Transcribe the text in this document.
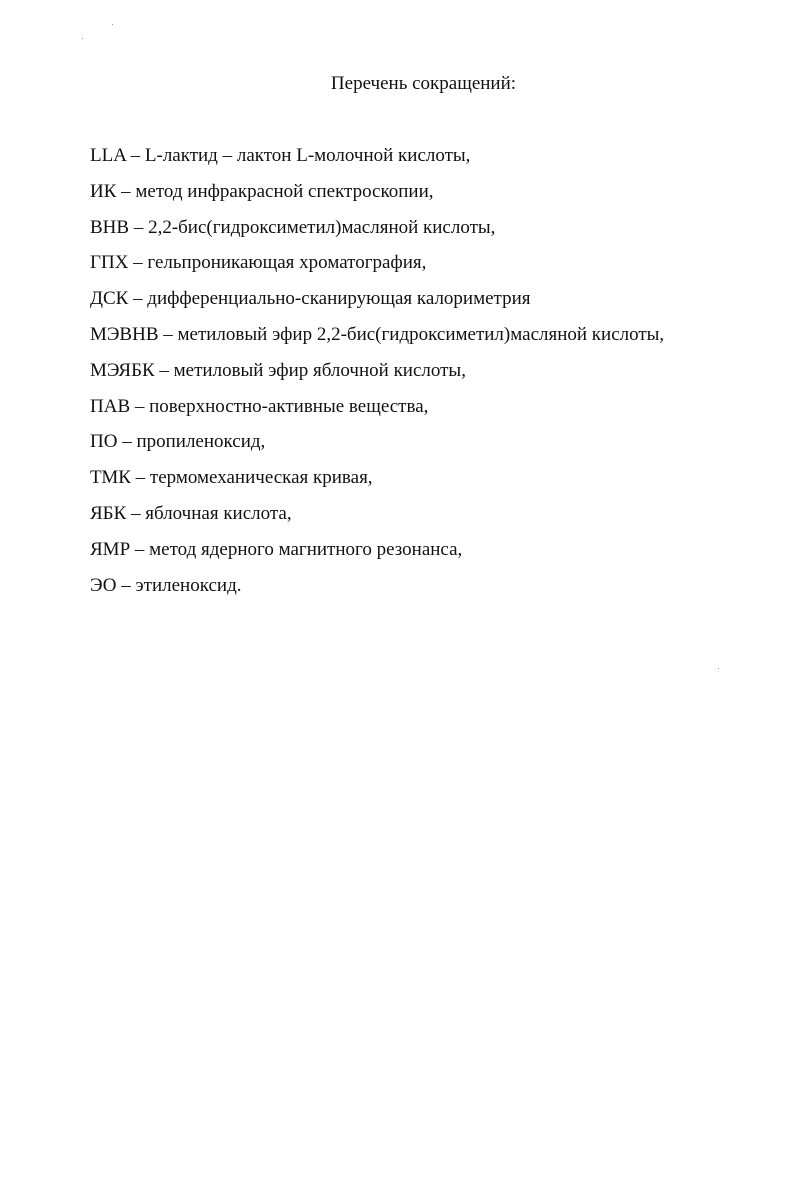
Перечень сокращений:
LLA – L-лактид – лактон L-молочной кислоты,
ИК – метод инфракрасной спектроскопии,
BHB – 2,2-бис(гидроксиметил)масляной кислоты,
ГПХ – гельпроникающая хроматография,
ДСК – дифференциально-сканирующая калориметрия
MЭBHB – метиловый эфир 2,2-бис(гидроксиметил)масляной кислоты,
MЭЯБК – метиловый эфир яблочной кислоты,
ПАВ – поверхностно-активные вещества,
ПО – пропиленоксид,
ТМК – термомеханическая кривая,
ЯБК – яблочная кислота,
ЯМР – метод ядерного магнитного резонанса,
ЭО – этиленоксид.
